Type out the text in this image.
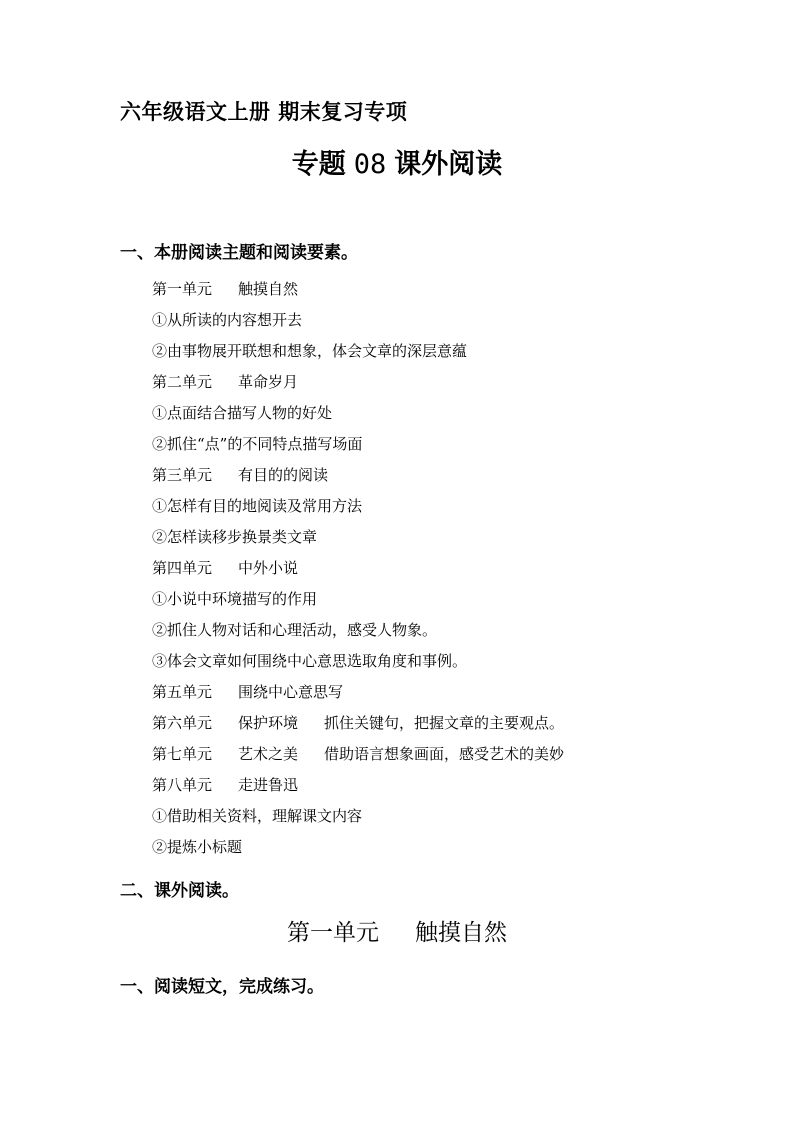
六年级语文上册 期末复习专项
专题 08 课外阅读
一、本册阅读主题和阅读要素。
第一单元 触摸自然
①从所读的内容想开去
②由事物展开联想和想象，体会文章的深层意蕴
第二单元 革命岁月
①点面结合描写人物的好处
②抓住“点”的不同特点描写场面
第三单元 有目的的阅读
①怎样有目的地阅读及常用方法
②怎样读移步换景类文章
第四单元 中外小说
①小说中环境描写的作用
②抓住人物对话和心理活动，感受人物象。
③体会文章如何围绕中心意思选取角度和事例。
第五单元 围绕中心意思写
第六单元 保护环境 抓住关键句，把握文章的主要观点。
第七单元 艺术之美 借助语言想象画面，感受艺术的美妙
第八单元 走进鲁迅
①借助相关资料，理解课文内容
②提炼小标题
二、课外阅读。
第一单元 触摸自然
一、阅读短文，完成练习。
